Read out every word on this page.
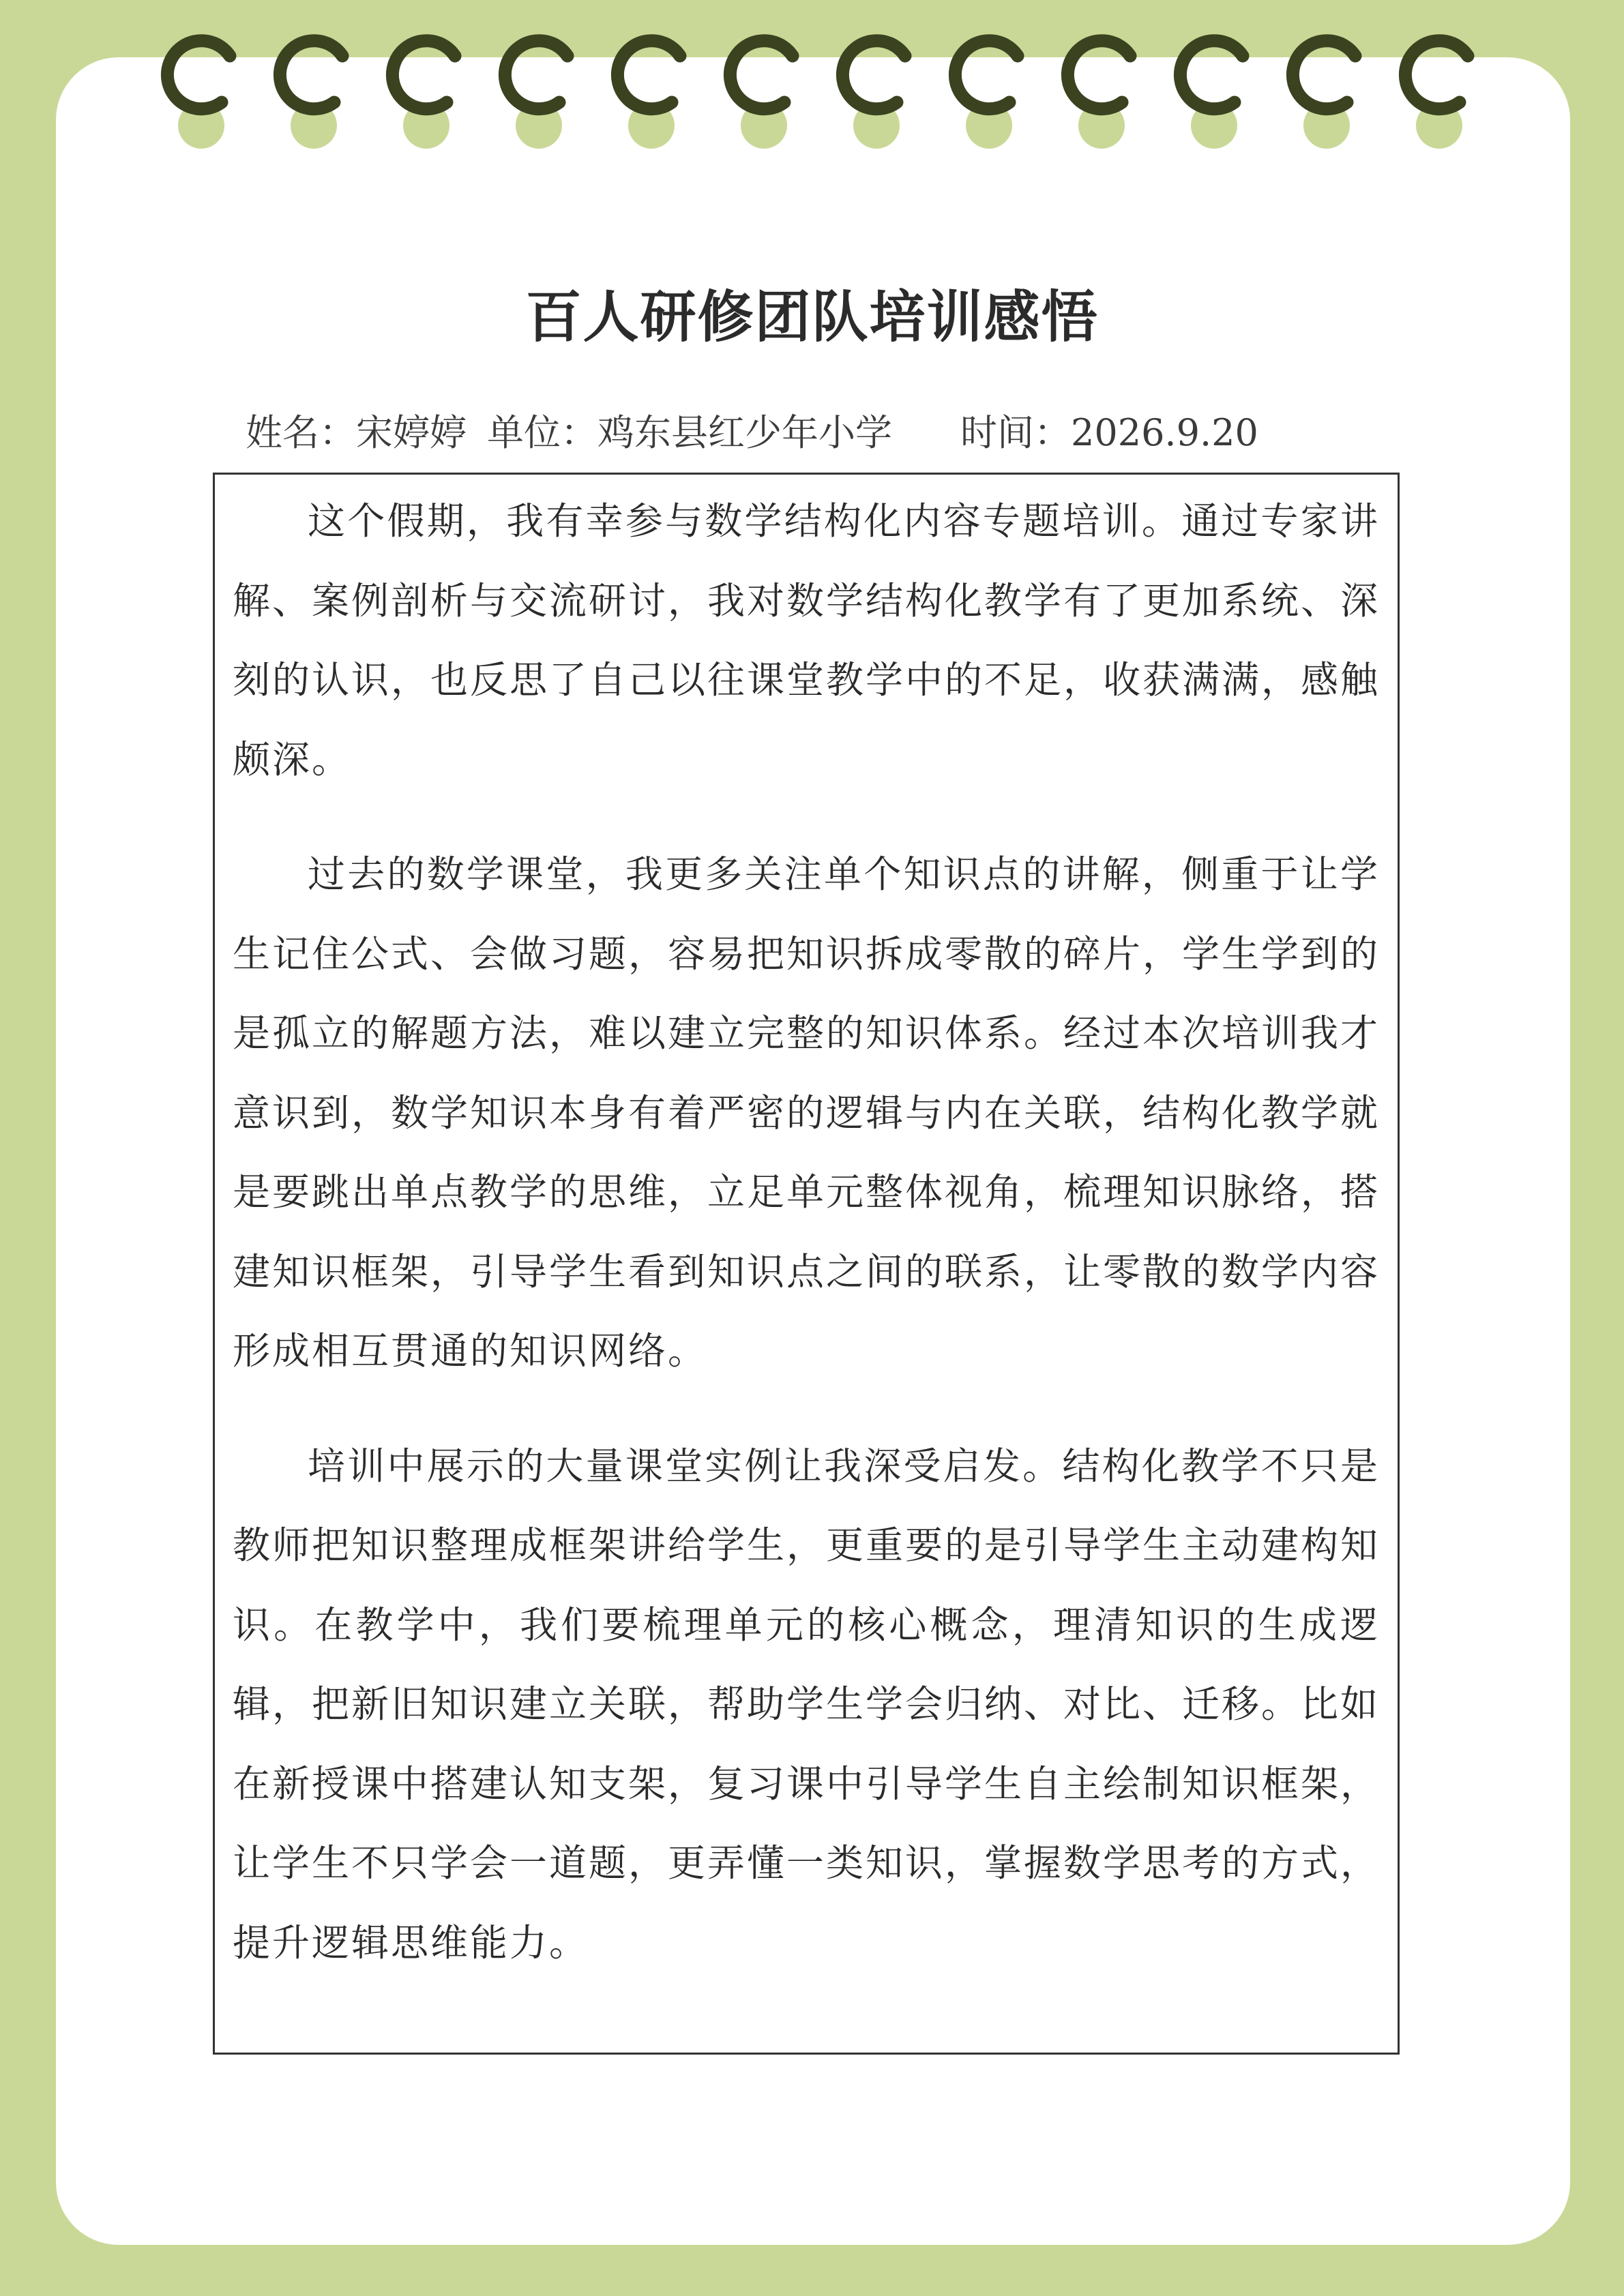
百人研修团队培训感悟
姓名：宋婷婷 单位：鸡东县红少年小学 时间：2026.9.20

这个假期，我有幸参与数学结构化内容专题培训。通过专家讲解、案例剖析与交流研讨，我对数学结构化教学有了更加系统、深刻的认识，也反思了自己以往课堂教学中的不足，收获满满，感触颇深。

过去的数学课堂，我更多关注单个知识点的讲解，侧重于让学生记住公式、会做习题，容易把知识拆成零散的碎片，学生学到的是孤立的解题方法，难以建立完整的知识体系。经过本次培训我才意识到，数学知识本身有着严密的逻辑与内在关联，结构化教学就是要跳出单点教学的思维，立足单元整体视角，梳理知识脉络，搭建知识框架，引导学生看到知识点之间的联系，让零散的数学内容形成相互贯通的知识网络。

培训中展示的大量课堂实例让我深受启发。结构化教学不只是教师把知识整理成框架讲给学生，更重要的是引导学生主动建构知识。在教学中，我们要梳理单元的核心概念，理清知识的生成逻辑，把新旧知识建立关联，帮助学生学会归纳、对比、迁移。比如在新授课中搭建认知支架，复习课中引导学生自主绘制知识框架，让学生不只学会一道题，更弄懂一类知识，掌握数学思考的方式，提升逻辑思维能力。
